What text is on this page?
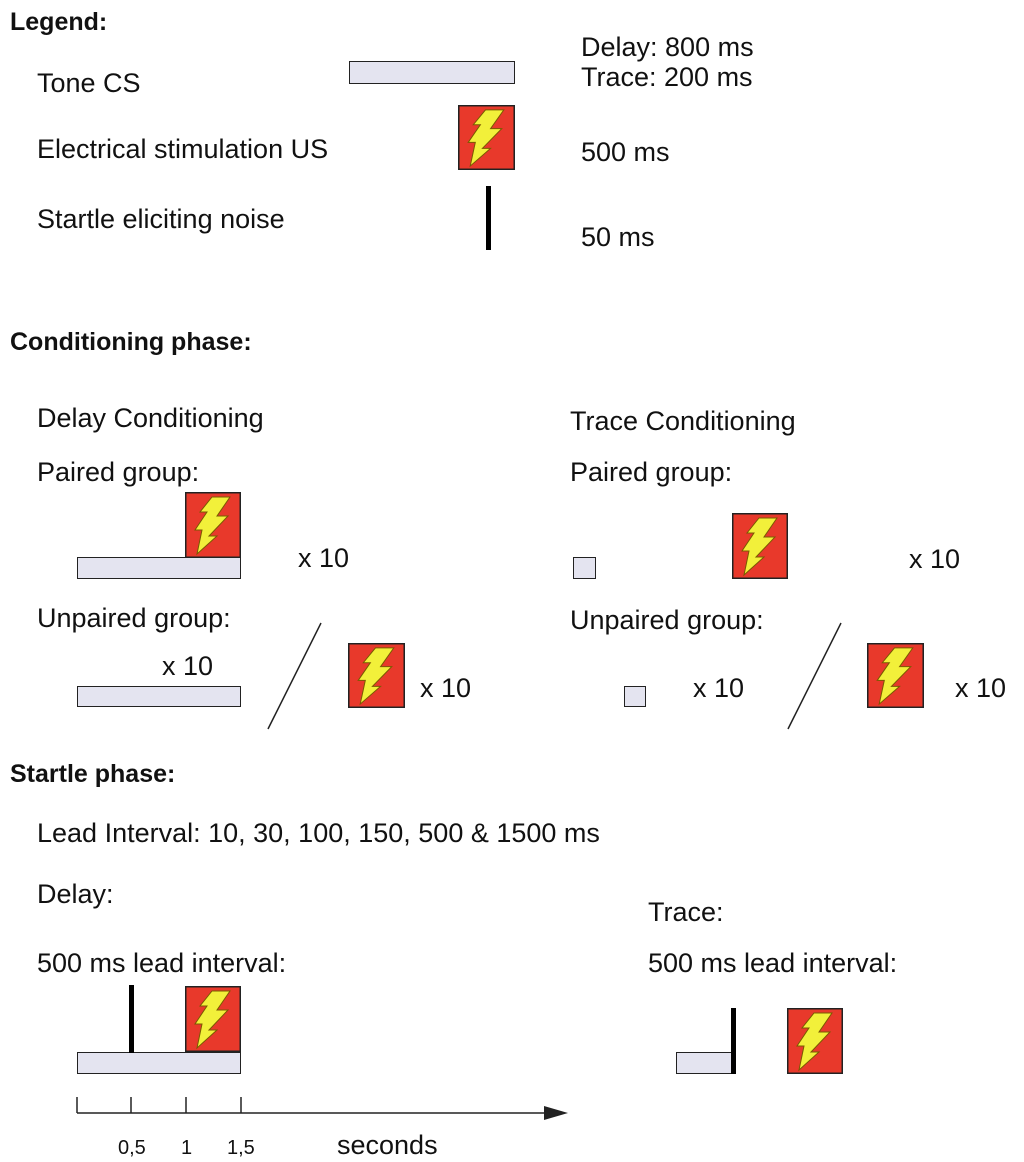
Legend:
Tone CS
Delay: 800 ms
Trace: 200 ms
Electrical stimulation US	500 ms
Startle eliciting noise
50 ms
Conditioning phase:
Delay Conditioning
Paired group:
x 10
Unpaired group:
x 10
x 10
Trace Conditioning
Paired group:
x 10
Unpaired group:
x 10	x 10
Startle phase:
Lead Interval: 10, 30, 100, 150, 500 & 1500 ms
Delay:
500 ms lead interval:
Trace:
500 ms lead interval:
0,5 1 1,5	seconds
